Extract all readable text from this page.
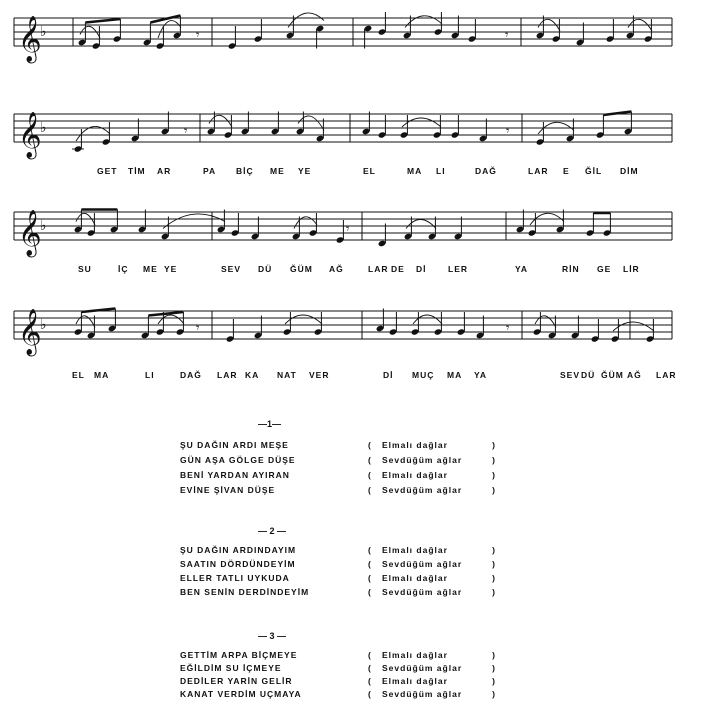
𝄞
♭	𝄾	𝄾
𝄞
♭	𝄾	𝄾
𝄞
♭	𝄾
𝄞
♭	𝄾	𝄾
GET TİM AR	PA BİÇ ME YE	EL	MA LI	DAĞ	LAR E ĞİL DİM
SU	İÇ ME YE	SEV DÜ ĞÜM AĞ	LAR DE Dİ	LER	YA	RİN GE LİR
EL MA	LI	DAĞ LAR KA NAT VER	Dİ MUÇ MA YA	SEV DÜ ĞÜM AĞ LAR
—1—
— 2 —
— 3 —
ŞU DAĞIN ARDI MEŞE	( Elmalı dağlar	)
GÜN AŞA GÖLGE DÜŞE	( Sevdüğüm ağlar	)
BENİ YARDAN AYIRAN	( Elmalı dağlar	)
EVİNE ŞİVAN DÜŞE	( Sevdüğüm ağlar	)
ŞU DAĞIN ARDINDAYIM	( Elmalı dağlar	)
SAATIN DÖRDÜNDEYİM	( Sevdüğüm ağlar	)
ELLER TATLI UYKUDA	( Elmalı dağlar	)
BEN SENİN DERDİNDEYİM	( Sevdüğüm ağlar	)
GETTİM ARPA BİÇMEYE	( Elmalı dağlar	)
EĞİLDİM SU İÇMEYE	( Sevdüğüm ağlar	)
DEDİLER YARİN GELİR	( Elmalı dağlar	)
KANAT VERDİM UÇMAYA	( Sevdüğüm ağlar	)
